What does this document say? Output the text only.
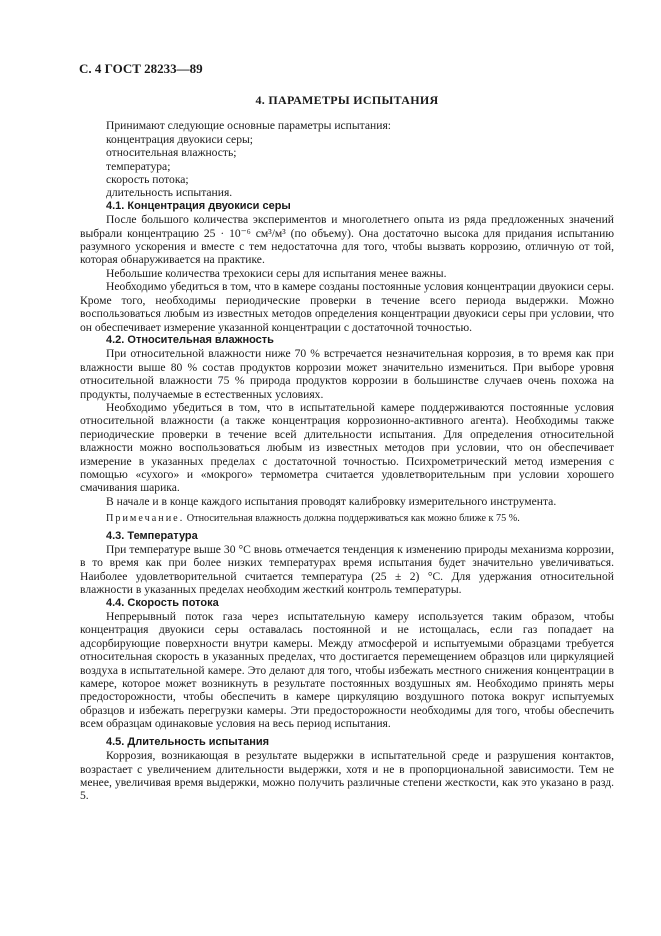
С. 4 ГОСТ 28233—89
4. ПАРАМЕТРЫ ИСПЫТАНИЯ
Принимают следующие основные параметры испытания:
концентрация двуокиси серы;
относительная влажность;
температура;
скорость потока;
длительность испытания.
4.1. Концентрация двуокиси серы

После большого количества экспериментов и многолетнего опыта из ряда предложенных значений выбрали концентрацию 25 · 10⁻⁶ см³/м³ (по объему). Она достаточно высока для придания испытанию разумного ускорения и вместе с тем недостаточна для того, чтобы вызвать коррозию, отличную от той, которая обнаруживается на практике.

Небольшие количества трехокиси серы для испытания менее важны.

Необходимо убедиться в том, что в камере созданы постоянные условия концентрации двуокиси серы. Кроме того, необходимы периодические проверки в течение всего периода выдержки. Можно воспользоваться любым из известных методов определения концентрации двуокиси серы при условии, что он обеспечивает измерение указанной концентрации с достаточной точностью.

4.2. Относительная влажность

При относительной влажности ниже 70 % встречается незначительная коррозия, в то время как при влажности выше 80 % состав продуктов коррозии может значительно измениться. При выборе уровня относительной влажности 75 % природа продуктов коррозии в большинстве случаев очень похожа на продукты, получаемые в естественных условиях.

Необходимо убедиться в том, что в испытательной камере поддерживаются постоянные условия относительной влажности (а также концентрация коррозионно-активного агента). Необходимы также периодические проверки в течение всей длительности испытания. Для определения относительной влажности можно воспользоваться любым из известных методов при условии, что он обеспечивает измерение в указанных пределах с достаточной точностью. Психрометрический метод измерения с помощью «сухого» и «мокрого» термометра считается удовлетворительным при условии хорошего смачивания шарика.

В начале и в конце каждого испытания проводят калибровку измерительного инструмента.

Примечание. Относительная влажность должна поддерживаться как можно ближе к 75 %.

4.3. Температура

При температуре выше 30 °С вновь отмечается тенденция к изменению природы механизма коррозии, в то время как при более низких температурах время испытания будет значительно увеличиваться. Наиболее удовлетворительной считается температура (25 ± 2) °С. Для удержания относительной влажности в указанных пределах необходим жесткий контроль температуры.

4.4. Скорость потока

Непрерывный поток газа через испытательную камеру используется таким образом, чтобы концентрация двуокиси серы оставалась постоянной и не истощалась, если газ попадает на адсорбирующие поверхности внутри камеры. Между атмосферой и испытуемыми образцами требуется относительная скорость в указанных пределах, что достигается перемещением образцов или циркуляцией воздуха в испытательной камере. Это делают для того, чтобы избежать местного снижения концентрации в камере, которое может возникнуть в результате постоянных воздушных ям. Необходимо принять меры предосторожности, чтобы обеспечить в камере циркуляцию воздушного потока вокруг испытуемых образцов и избежать перегрузки камеры. Эти предосторожности необходимы для того, чтобы обеспечить всем образцам одинаковые условия на весь период испытания.

4.5. Длительность испытания

Коррозия, возникающая в результате выдержки в испытательной среде и разрушения контактов, возрастает с увеличением длительности выдержки, хотя и не в пропорциональной зависимости. Тем не менее, увеличивая время выдержки, можно получить различные степени жесткости, как это указано в разд. 5.
